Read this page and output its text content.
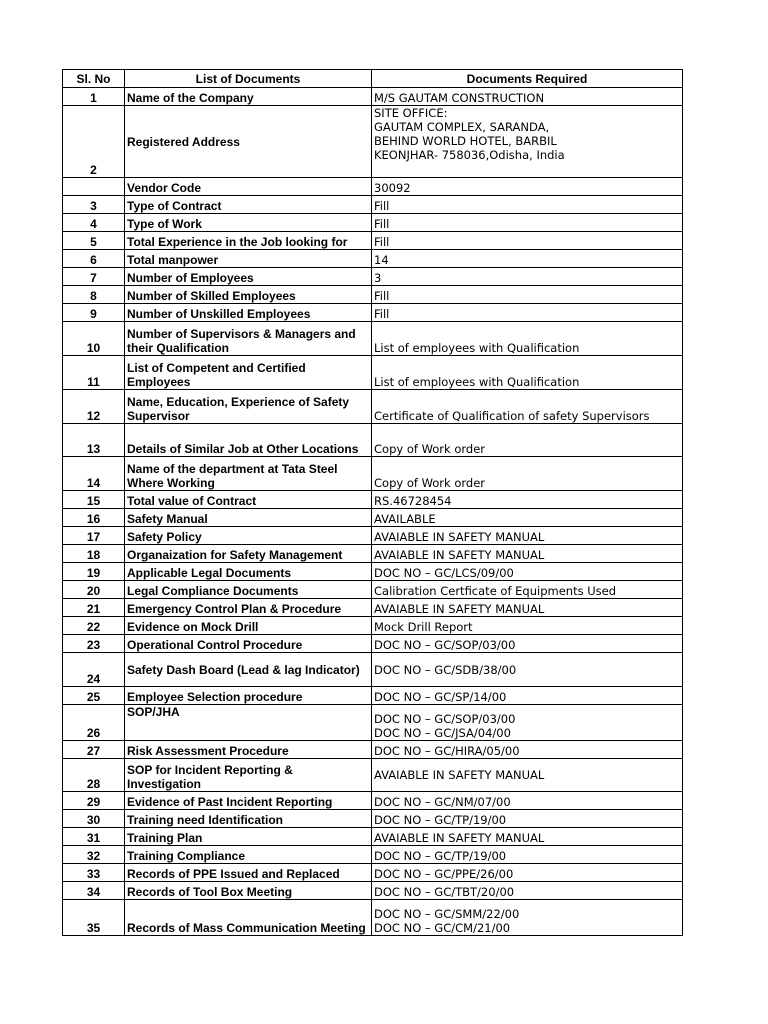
Sl. No	List of Documents	Documents Required

1	Name of the Company	M/S GAUTAM CONSTRUCTION

2	Registered Address	SITE OFFICE:
GAUTAM COMPLEX, SARANDA,
BEHIND WORLD HOTEL, BARBIL
KEONJHAR- 758036,Odisha, India

	Vendor Code	30092

3	Type of Contract	Fill

4	Type of Work	Fill

5	Total Experience in the Job looking for	Fill

6	Total manpower	14

7	Number of Employees	3

8	Number of Skilled Employees	Fill

9	Number of Unskilled Employees	Fill

10	Number of Supervisors & Managers and their Qualification	List of employees with Qualification

11	List of Competent and Certified Employees	List of employees with Qualification

12	Name, Education, Experience of Safety Supervisor	Certificate of Qualification of safety Supervisors

13	Details of Similar Job at Other Locations	Copy of Work order

14	Name of the department at Tata Steel Where Working	Copy of Work order

15	Total value of Contract	RS.46728454

16	Safety Manual	AVAILABLE

17	Safety Policy	AVAIABLE IN SAFETY MANUAL

18	Organaization for Safety Management	AVAIABLE IN SAFETY MANUAL

19	Applicable Legal Documents	DOC NO – GC/LCS/09/00

20	Legal Compliance Documents	Calibration Certficate of Equipments Used

21	Emergency Control Plan & Procedure	AVAIABLE IN SAFETY MANUAL

22	Evidence on Mock Drill	Mock Drill Report

23	Operational Control Procedure	DOC NO – GC/SOP/03/00

24	Safety Dash Board (Lead & lag Indicator)	DOC NO – GC/SDB/38/00

25	Employee Selection procedure	DOC NO – GC/SP/14/00

26	SOP/JHA	DOC NO – GC/SOP/03/00
DOC NO – GC/JSA/04/00

27	Risk Assessment Procedure	DOC NO – GC/HIRA/05/00

28	SOP for Incident Reporting & Investigation	AVAIABLE IN SAFETY MANUAL

29	Evidence of Past Incident Reporting	DOC NO – GC/NM/07/00

30	Training need Identification	DOC NO – GC/TP/19/00

31	Training Plan	AVAIABLE IN SAFETY MANUAL

32	Training Compliance	DOC NO – GC/TP/19/00

33	Records of PPE Issued and Replaced	DOC NO – GC/PPE/26/00

34	Records of Tool Box Meeting	DOC NO – GC/TBT/20/00

35	Records of Mass Communication Meeting	DOC NO – GC/SMM/22/00
DOC NO – GC/CM/21/00
